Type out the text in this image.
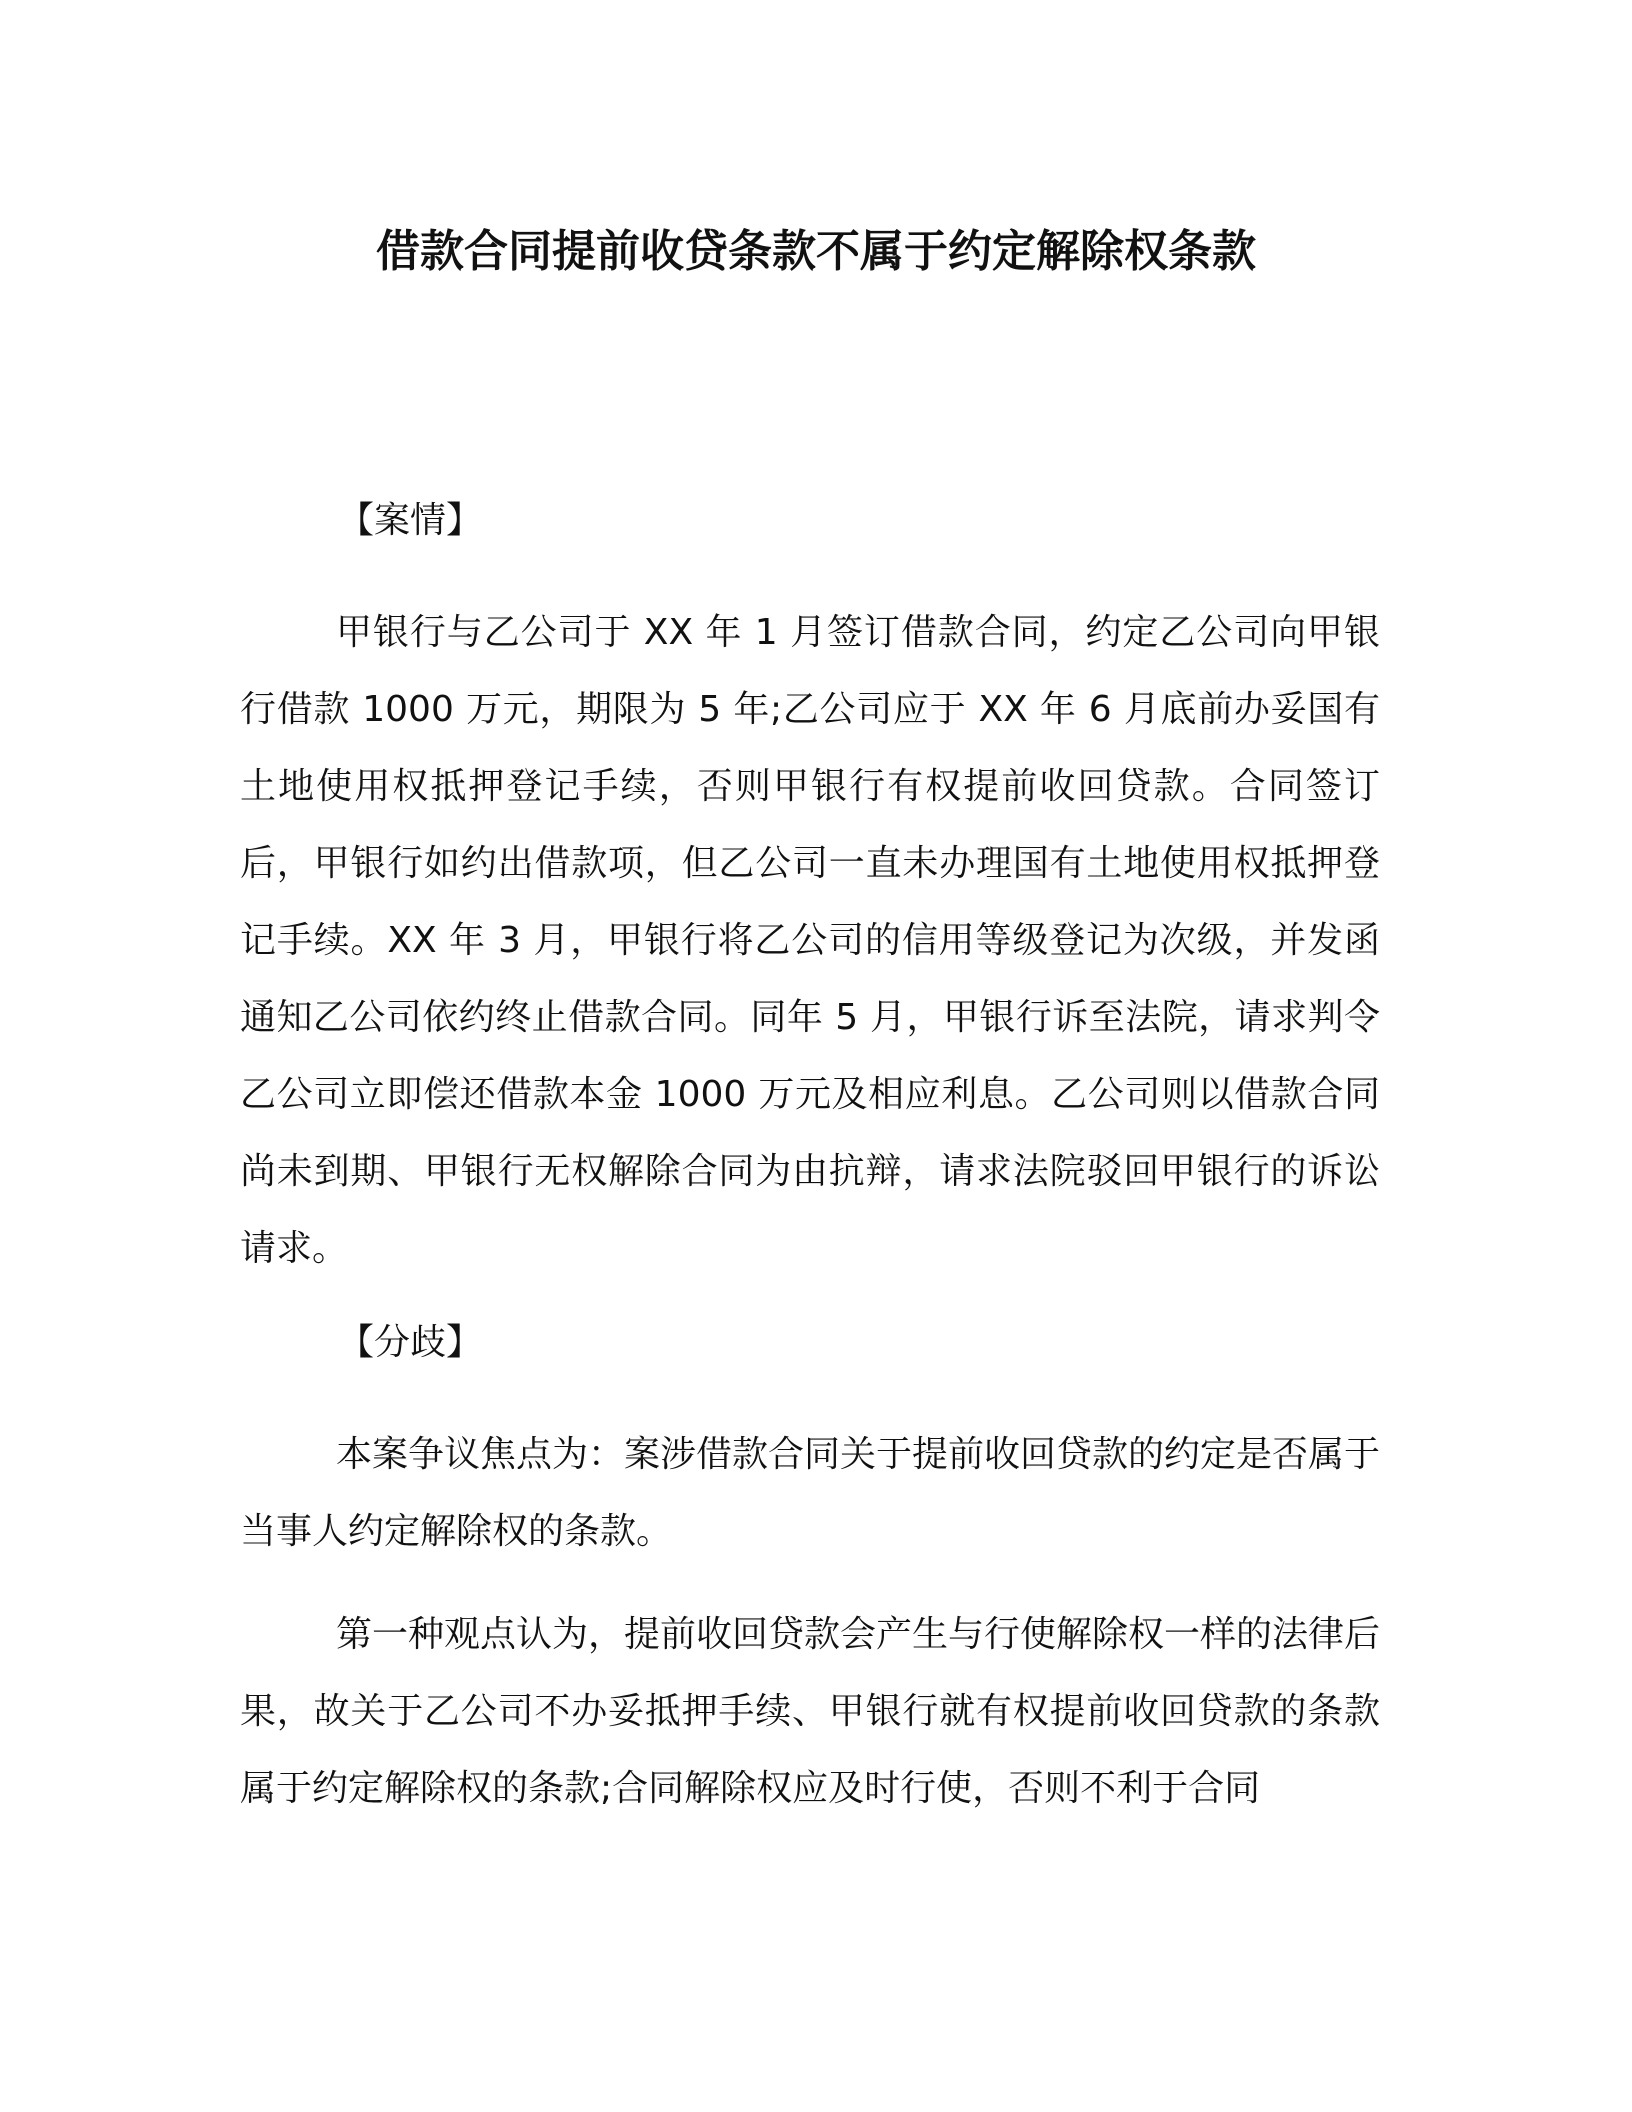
借款合同提前收贷条款不属于约定解除权条款
【案情】

甲银行与乙公司于 XX 年 1 月签订借款合同，约定乙公司向甲银行借款 1000 万元，期限为 5 年;乙公司应于 XX 年 6 月底前办妥国有土地使用权抵押登记手续，否则甲银行有权提前收回贷款。合同签订后，甲银行如约出借款项，但乙公司一直未办理国有土地使用权抵押登记手续。XX 年 3 月，甲银行将乙公司的信用等级登记为次级，并发函通知乙公司依约终止借款合同。同年 5 月，甲银行诉至法院，请求判令乙公司立即偿还借款本金 1000 万元及相应利息。乙公司则以借款合同尚未到期、甲银行无权解除合同为由抗辩，请求法院驳回甲银行的诉讼请求。

【分歧】

本案争议焦点为：案涉借款合同关于提前收回贷款的约定是否属于当事人约定解除权的条款。

第一种观点认为，提前收回贷款会产生与行使解除权一样的法律后果，故关于乙公司不办妥抵押手续、甲银行就有权提前收回贷款的条款属于约定解除权的条款;合同解除权应及时行使，否则不利于合同
